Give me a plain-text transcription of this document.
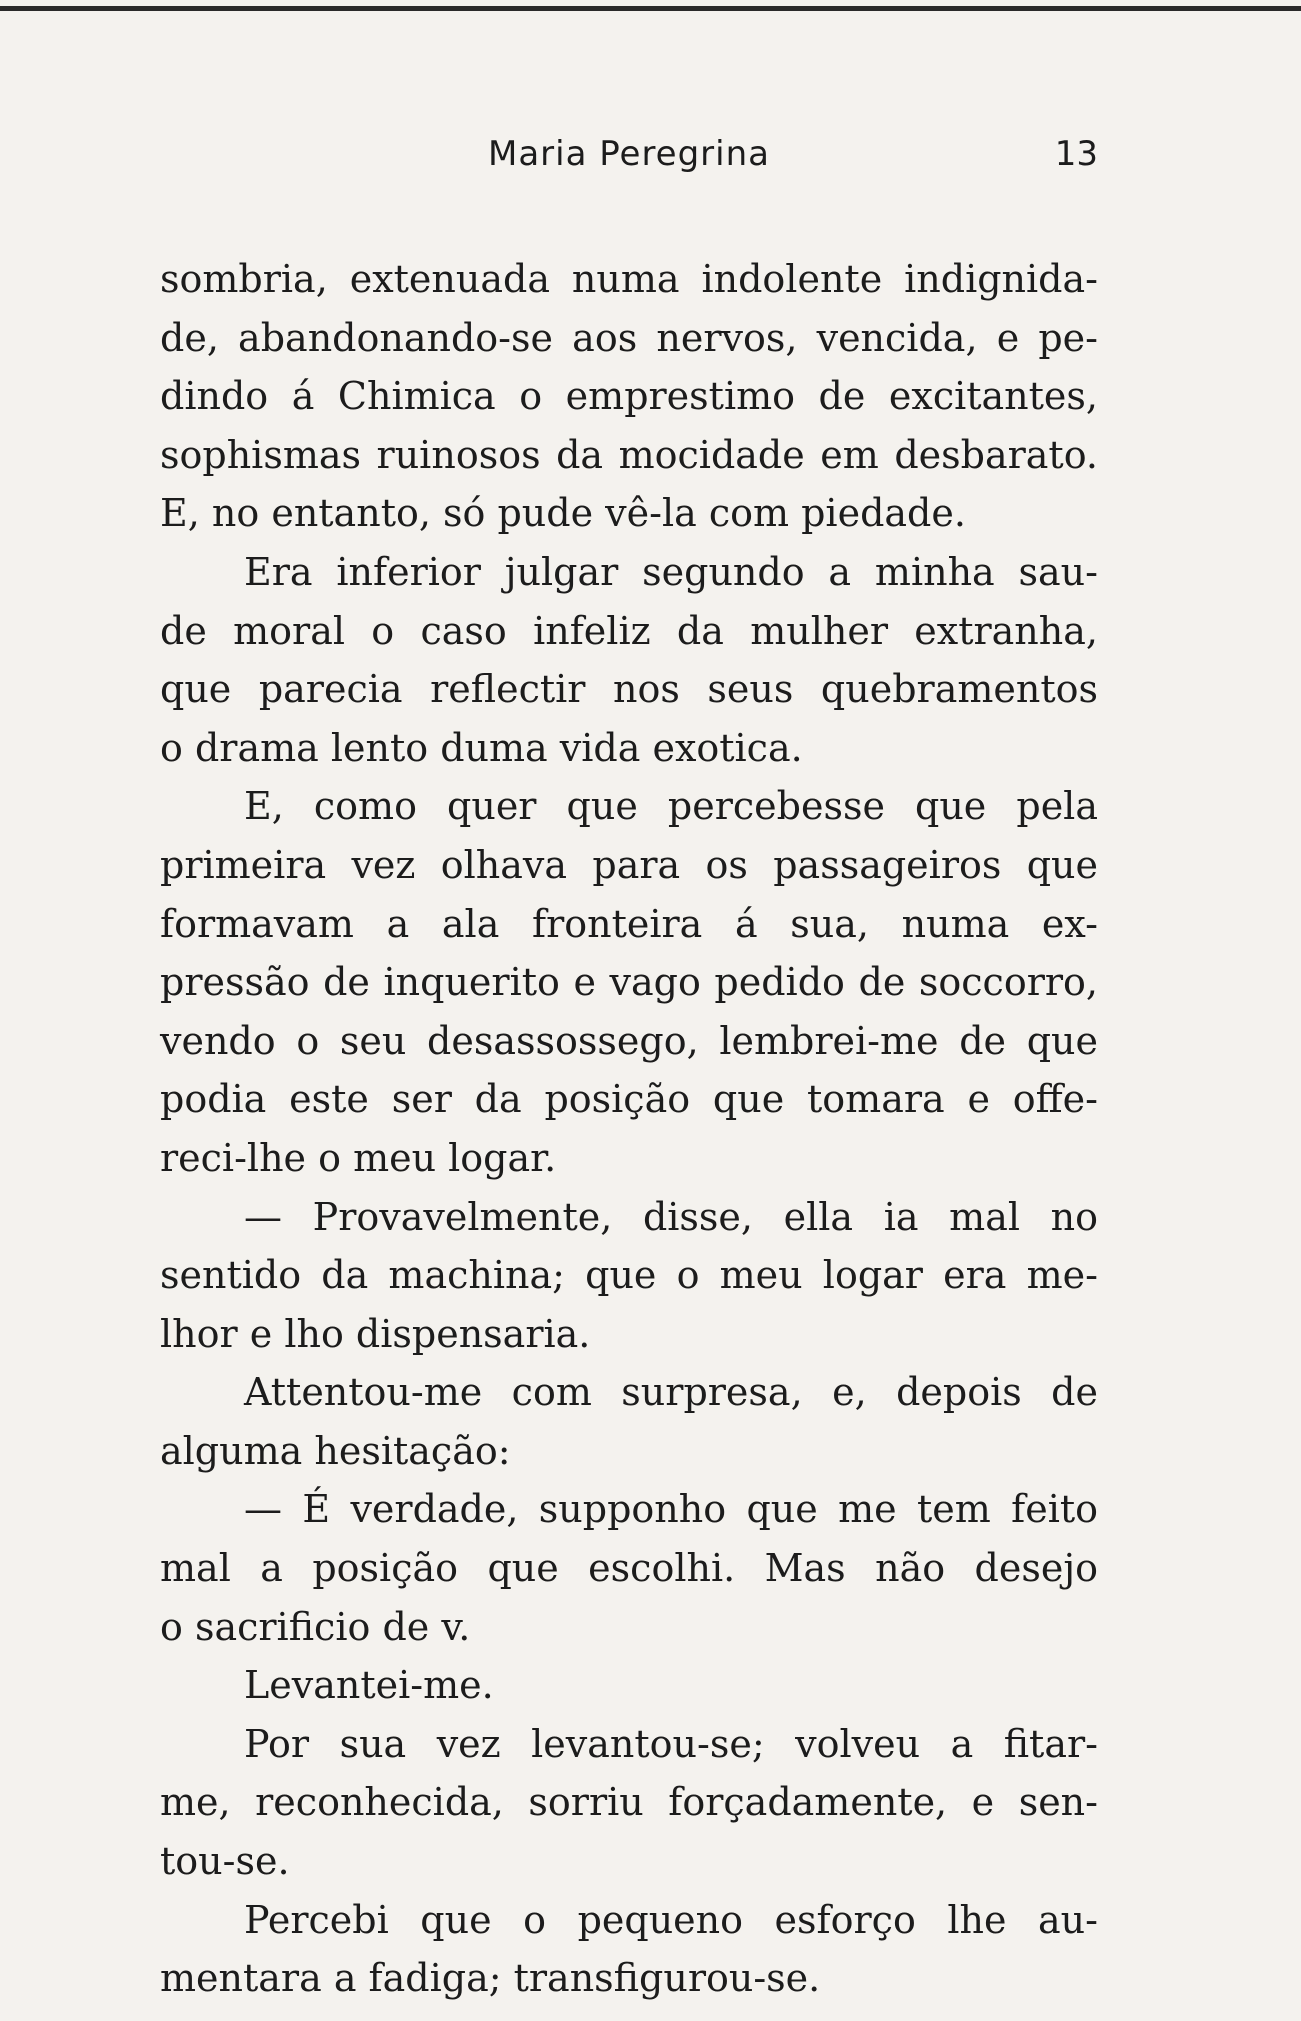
Maria Peregrina	13
sombria, extenuada numa indolente indignida-
de, abandonando-se aos nervos, vencida, e pe-
dindo á Chimica o emprestimo de excitantes,
sophismas ruinosos da mocidade em desbarato.
E, no entanto, só pude vê-la com piedade.
Era inferior julgar segundo a minha sau-
de moral o caso infeliz da mulher extranha,
que parecia reflectir nos seus quebramentos
o drama lento duma vida exotica.
E, como quer que percebesse que pela
primeira vez olhava para os passageiros que
formavam a ala fronteira á sua, numa ex-
pressão de inquerito e vago pedido de soccorro,
vendo o seu desassossego, lembrei-me de que
podia este ser da posição que tomara e offe-
reci-lhe o meu logar.
— Provavelmente, disse, ella ia mal no
sentido da machina; que o meu logar era me-
lhor e lho dispensaria.
Attentou-me com surpresa, e, depois de
alguma hesitação:
— É verdade, supponho que me tem feito
mal a posição que escolhi. Mas não desejo
o sacrificio de v.
Levantei-me.
Por sua vez levantou-se; volveu a fitar-
me, reconhecida, sorriu forçadamente, e sen-
tou-se.
Percebi que o pequeno esforço lhe au-
mentara a fadiga; transfigurou-se.
